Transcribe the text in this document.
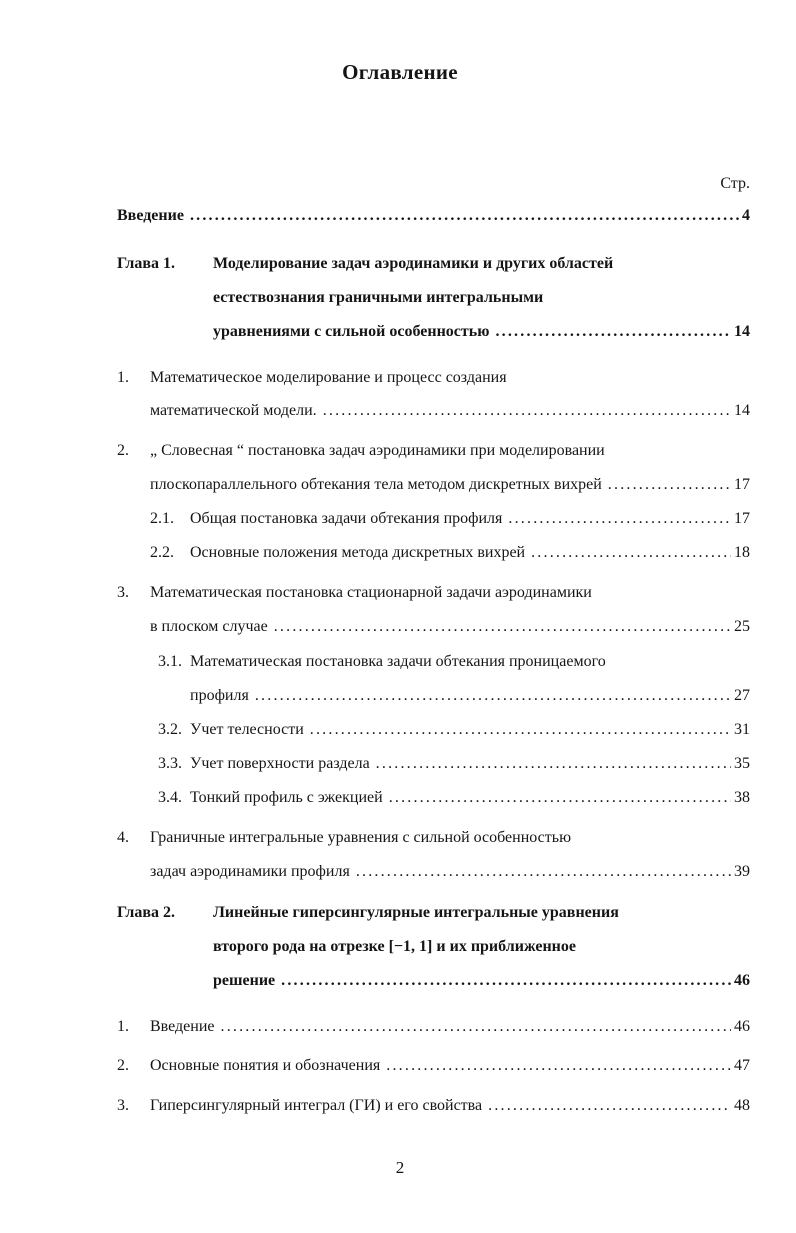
Оглавление
Стр.
Введение .....	4
Глава 1. Моделирование задач аэродинамики и других областей
естествознания граничными интегральными
уравнениями с сильной особенностью .....	14
1. Математическое моделирование и процесс создания
математической модели. .....	14
2. „ Словесная “ постановка задач аэродинамики при моделировании
плоскопараллельного обтекания тела методом дискретных вихрей .....	17
2.1. Общая постановка задачи обтекания профиля .....	17
2.2. Основные положения метода дискретных вихрей .....	18
3. Математическая постановка стационарной задачи аэродинамики
в плоском случае .....	25
3.1. Математическая постановка задачи обтекания проницаемого
профиля .....	27
3.2. Учет телесности .....	31
3.3. Учет поверхности раздела .....	35
3.4. Тонкий профиль с эжекцией .....	38
4. Граничные интегральные уравнения с сильной особенностью
задач аэродинамики профиля .....	39
Глава 2. Линейные гиперсингулярные интегральные уравнения
второго рода на отрезке [−1, 1] и их приближенное
решение .....	46
1. Введение .....	46
2. Основные понятия и обозначения .....	47
3. Гиперсингулярный интеграл (ГИ) и его свойства .....	48
2
